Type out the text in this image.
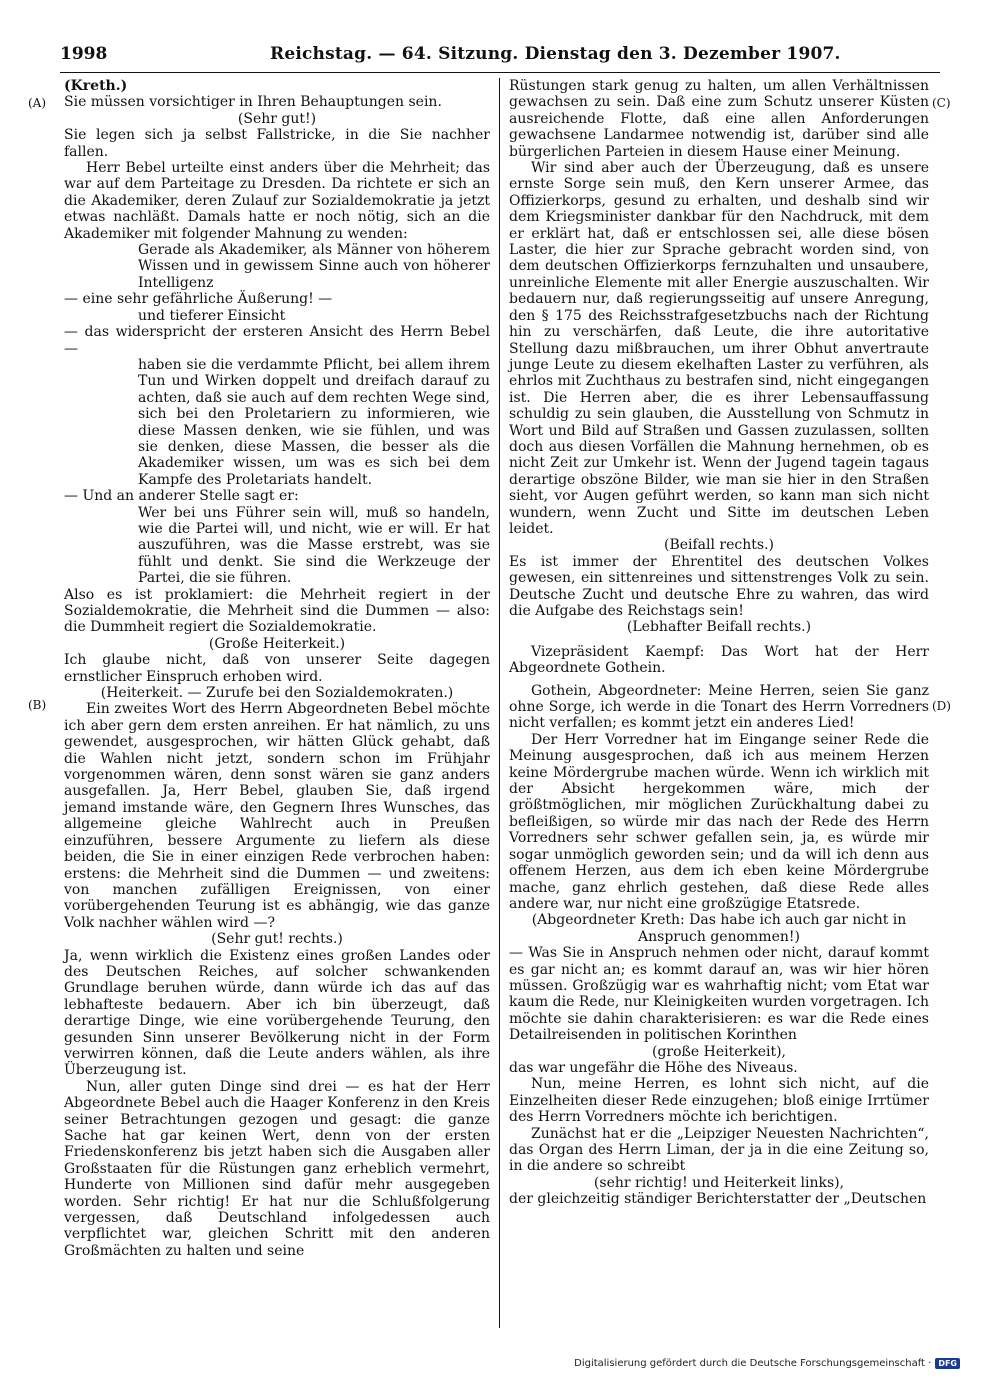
1998	Reichstag. — 64. Sitzung. Dienstag den 3. Dezember 1907.
(A)
(B)
(C)
(D)

(Kreth.)

Sie müssen vorsichtiger in Ihren Behauptungen sein.

(Sehr gut!)

Sie legen sich ja selbst Fallstricke, in die Sie nachher fallen.

Herr Bebel urteilte einst anders über die Mehrheit; das war auf dem Parteitage zu Dresden. Da richtete er sich an die Akademiker, deren Zulauf zur Sozialdemokratie ja jetzt etwas nachläßt. Damals hatte er noch nötig, sich an die Akademiker mit folgender Mahnung zu wenden:

Gerade als Akademiker, als Männer von höherem Wissen und in gewissem Sinne auch von höherer Intelligenz

— eine sehr gefährliche Äußerung! —

und tieferer Einsicht

— das widerspricht der ersteren Ansicht des Herrn Bebel —

haben sie die verdammte Pflicht, bei allem ihrem Tun und Wirken doppelt und dreifach darauf zu achten, daß sie auch auf dem rechten Wege sind, sich bei den Proletariern zu informieren, wie diese Massen denken, wie sie fühlen, und was sie denken, diese Massen, die besser als die Akademiker wissen, um was es sich bei dem Kampfe des Proletariats handelt.

— Und an anderer Stelle sagt er:

Wer bei uns Führer sein will, muß so handeln, wie die Partei will, und nicht, wie er will. Er hat auszuführen, was die Masse erstrebt, was sie fühlt und denkt. Sie sind die Werkzeuge der Partei, die sie führen.

Also es ist proklamiert: die Mehrheit regiert in der Sozialdemokratie, die Mehrheit sind die Dummen — also: die Dummheit regiert die Sozialdemokratie.

(Große Heiterkeit.)

Ich glaube nicht, daß von unserer Seite dagegen ernstlicher Einspruch erhoben wird.

(Heiterkeit. — Zurufe bei den Sozialdemokraten.)

Ein zweites Wort des Herrn Abgeordneten Bebel möchte ich aber gern dem ersten anreihen. Er hat nämlich, zu uns gewendet, ausgesprochen, wir hätten Glück gehabt, daß die Wahlen nicht jetzt, sondern schon im Frühjahr vorgenommen wären, denn sonst wären sie ganz anders ausgefallen. Ja, Herr Bebel, glauben Sie, daß irgend jemand imstande wäre, den Gegnern Ihres Wunsches, das allgemeine gleiche Wahlrecht auch in Preußen einzuführen, bessere Argumente zu liefern als diese beiden, die Sie in einer einzigen Rede verbrochen haben: erstens: die Mehrheit sind die Dummen — und zweitens: von manchen zufälligen Ereignissen, von einer vorübergehenden Teurung ist es abhängig, wie das ganze Volk nachher wählen wird —?

(Sehr gut! rechts.)

Ja, wenn wirklich die Existenz eines großen Landes oder des Deutschen Reiches, auf solcher schwankenden Grundlage beruhen würde, dann würde ich das auf das lebhafteste bedauern. Aber ich bin überzeugt, daß derartige Dinge, wie eine vorübergehende Teurung, den gesunden Sinn unserer Bevölkerung nicht in der Form verwirren können, daß die Leute anders wählen, als ihre Überzeugung ist.

Nun, aller guten Dinge sind drei — es hat der Herr Abgeordnete Bebel auch die Haager Konferenz in den Kreis seiner Betrachtungen gezogen und gesagt: die ganze Sache hat gar keinen Wert, denn von der ersten Friedenskonferenz bis jetzt haben sich die Ausgaben aller Großstaaten für die Rüstungen ganz erheblich vermehrt, Hunderte von Millionen sind dafür mehr ausgegeben worden. Sehr richtig! Er hat nur die Schlußfolgerung vergessen, daß Deutschland infolgedessen auch verpflichtet war, gleichen Schritt mit den anderen Großmächten zu halten und seine

Rüstungen stark genug zu halten, um allen Verhältnissen gewachsen zu sein. Daß eine zum Schutz unserer Küsten ausreichende Flotte, daß eine allen Anforderungen gewachsene Landarmee notwendig ist, darüber sind alle bürgerlichen Parteien in diesem Hause einer Meinung.

Wir sind aber auch der Überzeugung, daß es unsere ernste Sorge sein muß, den Kern unserer Armee, das Offizierkorps, gesund zu erhalten, und deshalb sind wir dem Kriegsminister dankbar für den Nachdruck, mit dem er erklärt hat, daß er entschlossen sei, alle diese bösen Laster, die hier zur Sprache gebracht worden sind, von dem deutschen Offizierkorps fernzuhalten und unsaubere, unreinliche Elemente mit aller Energie auszuschalten. Wir bedauern nur, daß regierungsseitig auf unsere Anregung, den § 175 des Reichsstrafgesetzbuchs nach der Richtung hin zu verschärfen, daß Leute, die ihre autoritative Stellung dazu mißbrauchen, um ihrer Obhut anvertraute junge Leute zu diesem ekelhaften Laster zu verführen, als ehrlos mit Zuchthaus zu bestrafen sind, nicht eingegangen ist. Die Herren aber, die es ihrer Lebensauffassung schuldig zu sein glauben, die Ausstellung von Schmutz in Wort und Bild auf Straßen und Gassen zuzulassen, sollten doch aus diesen Vorfällen die Mahnung hernehmen, ob es nicht Zeit zur Umkehr ist. Wenn der Jugend tagein tagaus derartige obszöne Bilder, wie man sie hier in den Straßen sieht, vor Augen geführt werden, so kann man sich nicht wundern, wenn Zucht und Sitte im deutschen Leben leidet.

(Beifall rechts.)

Es ist immer der Ehrentitel des deutschen Volkes gewesen, ein sittenreines und sittenstrenges Volk zu sein. Deutsche Zucht und deutsche Ehre zu wahren, das wird die Aufgabe des Reichstags sein!

(Lebhafter Beifall rechts.)

Vizepräsident Kaempf: Das Wort hat der Herr Abgeordnete Gothein.

Gothein, Abgeordneter: Meine Herren, seien Sie ganz ohne Sorge, ich werde in die Tonart des Herrn Vorredners nicht verfallen; es kommt jetzt ein anderes Lied!

Der Herr Vorredner hat im Eingange seiner Rede die Meinung ausgesprochen, daß ich aus meinem Herzen keine Mördergrube machen würde. Wenn ich wirklich mit der Absicht hergekommen wäre, mich der größtmöglichen, mir möglichen Zurückhaltung dabei zu befleißigen, so würde mir das nach der Rede des Herrn Vorredners sehr schwer gefallen sein, ja, es würde mir sogar unmöglich geworden sein; und da will ich denn aus offenem Herzen, aus dem ich eben keine Mördergrube mache, ganz ehrlich gestehen, daß diese Rede alles andere war, nur nicht eine großzügige Etatsrede.

(Abgeordneter Kreth: Das habe ich auch gar nicht in Anspruch genommen!)

— Was Sie in Anspruch nehmen oder nicht, darauf kommt es gar nicht an; es kommt darauf an, was wir hier hören müssen. Großzügig war es wahrhaftig nicht; vom Etat war kaum die Rede, nur Kleinigkeiten wurden vorgetragen. Ich möchte sie dahin charakterisieren: es war die Rede eines Detailreisenden in politischen Korinthen

(große Heiterkeit),

das war ungefähr die Höhe des Niveaus.

Nun, meine Herren, es lohnt sich nicht, auf die Einzelheiten dieser Rede einzugehen; bloß einige Irrtümer des Herrn Vorredners möchte ich berichtigen.

Zunächst hat er die „Leipziger Neuesten Nachrichten“, das Organ des Herrn Liman, der ja in die eine Zeitung so, in die andere so schreibt

(sehr richtig! und Heiterkeit links),

der gleichzeitig ständiger Berichterstatter der „Deutschen

Digitalisierung gefördert durch die Deutsche Forschungsgemeinschaft · DFG
